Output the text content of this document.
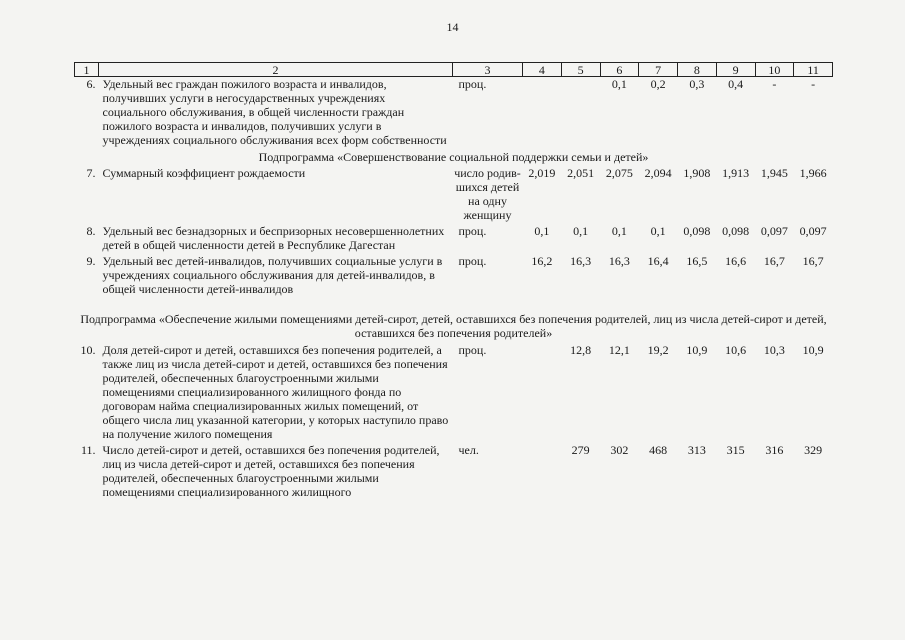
14
1	2	3	4	5	6	7	8	9	10	11
6.	Удельный вес граждан пожилого возраста и инвалидов, получивших услуги в негосударственных учреждениях социального обслуживания, в общей численности граждан пожилого возраста и инвалидов, получивших услуги в учреждениях социального обслуживания всех форм собственности	проц.			0,1	0,2	0,3	0,4	-	-
Подпрограмма «Совершенствование социальной поддержки семьи и детей»										
7.	Суммарный коэффициент рождаемости	число родив-шихся детей на одну женщину	2,019	2,051	2,075	2,094	1,908	1,913	1,945	1,966
8.	Удельный вес безнадзорных и беспризорных несовершеннолетних детей в общей численности детей в Республике Дагестан	проц.	0,1	0,1	0,1	0,1	0,098	0,098	0,097	0,097
9.	Удельный вес детей-инвалидов, получивших социальные услуги в учреждениях социального обслуживания для детей-инвалидов, в общей численности детей-инвалидов	проц.	16,2	16,3	16,3	16,4	16,5	16,6	16,7	16,7
Подпрограмма «Обеспечение жилыми помещениями детей-сирот, детей, оставшихся без попечения родителей, лиц из числа детей-сирот и детей, оставшихся без попечения родителей»										
10.	Доля детей-сирот и детей, оставшихся без попечения родителей, а также лиц из числа детей-сирот и детей, оставшихся без попечения родителей, обеспеченных благоустроенными жилыми помещениями специализированного жилищного фонда по договорам найма специализированных жилых помещений, от общего числа лиц указанной категории, у которых наступило право на получение жилого помещения	проц.		12,8	12,1	19,2	10,9	10,6	10,3	10,9
11.	Число детей-сирот и детей, оставшихся без попечения родителей, лиц из числа детей-сирот и детей, оставшихся без попечения родителей, обеспеченных благоустроенными жилыми помещениями специализированного жилищного	чел.		279	302	468	313	315	316	329
